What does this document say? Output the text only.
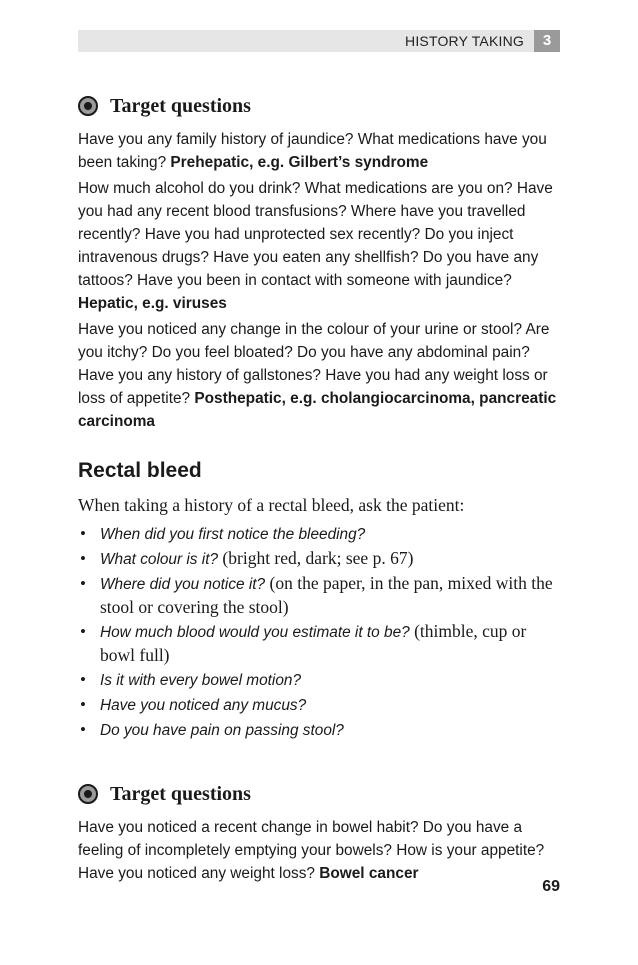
HISTORY TAKING	3
Target questions

Have you any family history of jaundice? What medications have you been taking? Prehepatic, e.g. Gilbert’s syndrome

How much alcohol do you drink? What medications are you on? Have you had any recent blood transfusions? Where have you travelled recently? Have you had unprotected sex recently? Do you inject intravenous drugs? Have you eaten any shellfish? Do you have any tattoos? Have you been in contact with someone with jaundice? Hepatic, e.g. viruses

Have you noticed any change in the colour of your urine or stool? Are you itchy? Do you feel bloated? Do you have any abdominal pain? Have you any history of gallstones? Have you had any weight loss or loss of appetite? Posthepatic, e.g. cholangiocarcinoma, pancreatic carcinoma

Rectal bleed

When taking a history of a rectal bleed, ask the patient:

• When did you first notice the bleeding?
• What colour is it? (bright red, dark; see p. 67)
• Where did you notice it? (on the paper, in the pan, mixed with the stool or covering the stool)
• How much blood would you estimate it to be? (thimble, cup or bowl full)
• Is it with every bowel motion?
• Have you noticed any mucus?
• Do you have pain on passing stool?
Target questions

Have you noticed a recent change in bowel habit? Do you have a feeling of incompletely emptying your bowels? How is your appetite? Have you noticed any weight loss? Bowel cancer

69
